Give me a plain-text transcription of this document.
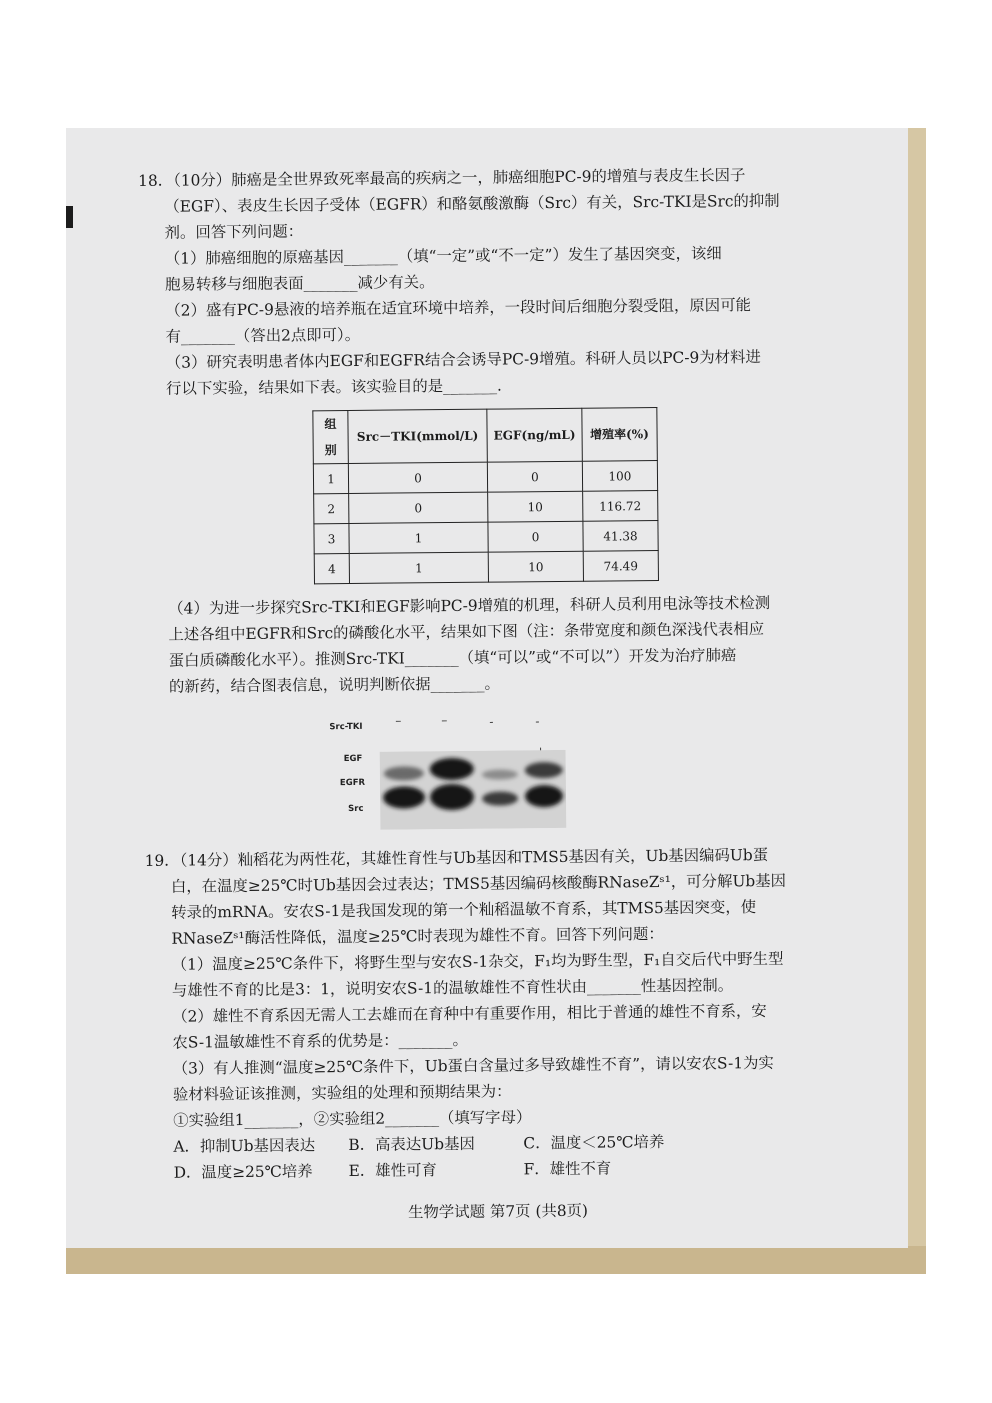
18．（10分）肺癌是全世界致死率最高的疾病之一，肺癌细胞PC-9的增殖与表皮生长因子
（EGF）、表皮生长因子受体（EGFR）和酪氨酸激酶（Src）有关，Src-TKI是Src的抑制
剂。回答下列问题：
（1）肺癌细胞的原癌基因_______（填“一定”或“不一定”）发生了基因突变，该细
胞易转移与细胞表面_______减少有关。
（2）盛有PC-9悬液的培养瓶在适宜环境中培养，一段时间后细胞分裂受阻，原因可能
有_______（答出2点即可）。
（3）研究表明患者体内EGF和EGFR结合会诱导PC-9增殖。科研人员以PC-9为材料进
行以下实验，结果如下表。该实验目的是_______.
组别	Src－TKI(mmol/L)	EGF(ng/mL)	增殖率(%)
1	0	0	100
2	0	10	116.72
3	1	0	41.38
4	1	10	74.49
（4）为进一步探究Src-TKI和EGF影响PC-9增殖的机理，科研人员利用电泳等技术检测
上述各组中EGFR和Src的磷酸化水平，结果如下图（注：条带宽度和颜色深浅代表相应
蛋白质磷酸化水平）。推测Src-TKI_______（填“可以”或“不可以”）开发为治疗肺癌
的新药，结合图表信息，说明判断依据_______。
Src-TKI	–	–	-	-
EGF
EGFR
Src
19．（14分）籼稻花为两性花，其雄性育性与Ub基因和TMS5基因有关，Ub基因编码Ub蛋
白，在温度≥25℃时Ub基因会过表达；TMS5基因编码核酸酶RNaseZˢ¹，可分解Ub基因
转录的mRNA。安农S-1是我国发现的第一个籼稻温敏不育系，其TMS5基因突变，使
RNaseZˢ¹酶活性降低，温度≥25℃时表现为雄性不育。回答下列问题：
（1）温度≥25℃条件下，将野生型与安农S-1杂交，F₁均为野生型，F₁自交后代中野生型
与雄性不育的比是3：1，说明安农S-1的温敏雄性不育性状由_______性基因控制。
（2）雄性不育系因无需人工去雄而在育种中有重要作用，相比于普通的雄性不育系，安
农S-1温敏雄性不育系的优势是：_______。
（3）有人推测“温度≥25℃条件下，Ub蛋白含量过多导致雄性不育”，请以安农S-1为实
验材料验证该推测，实验组的处理和预期结果为：
①实验组1_______，②实验组2_______（填写字母）
A．抑制Ub基因表达	B．高表达Ub基因	C．温度＜25℃培养
D．温度≥25℃培养	E．雄性可育	F．雄性不育
生物学试题 第7页 (共8页)
